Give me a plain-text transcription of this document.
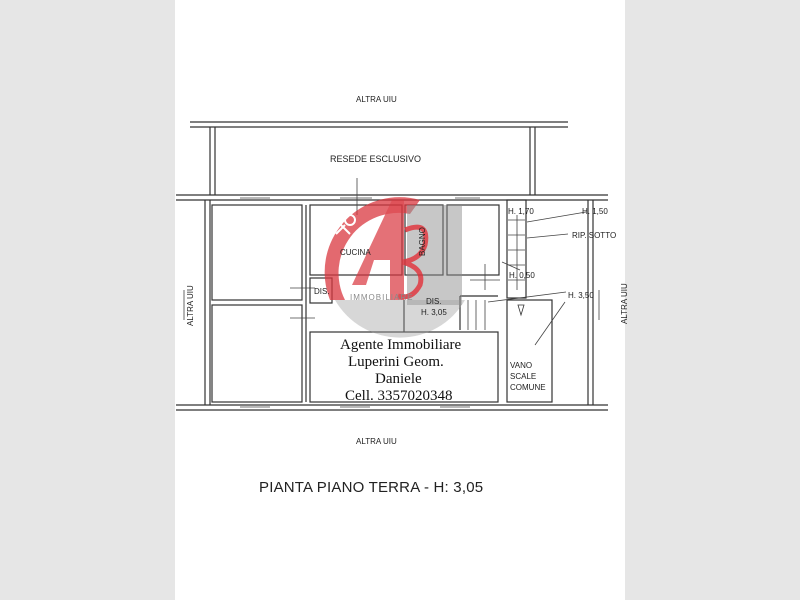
ALTRA UIU
ALTRA UIU
ALTRA UIU	ALTRA UIU
RESEDE ESCLUSIVO
CUCINA	BAGNO
DIS.
DIS.
H. 3,05
H. 1,70	H. 1,50
RIP. SOTTO
H. 0,50
H. 3,50
VANO
SCALE
COMUNE
IMMOBILIARE
Agente Immobiliare
Luperini Geom.
Daniele
Cell. 3357020348
PIANTA PIANO TERRA - H: 3,05
